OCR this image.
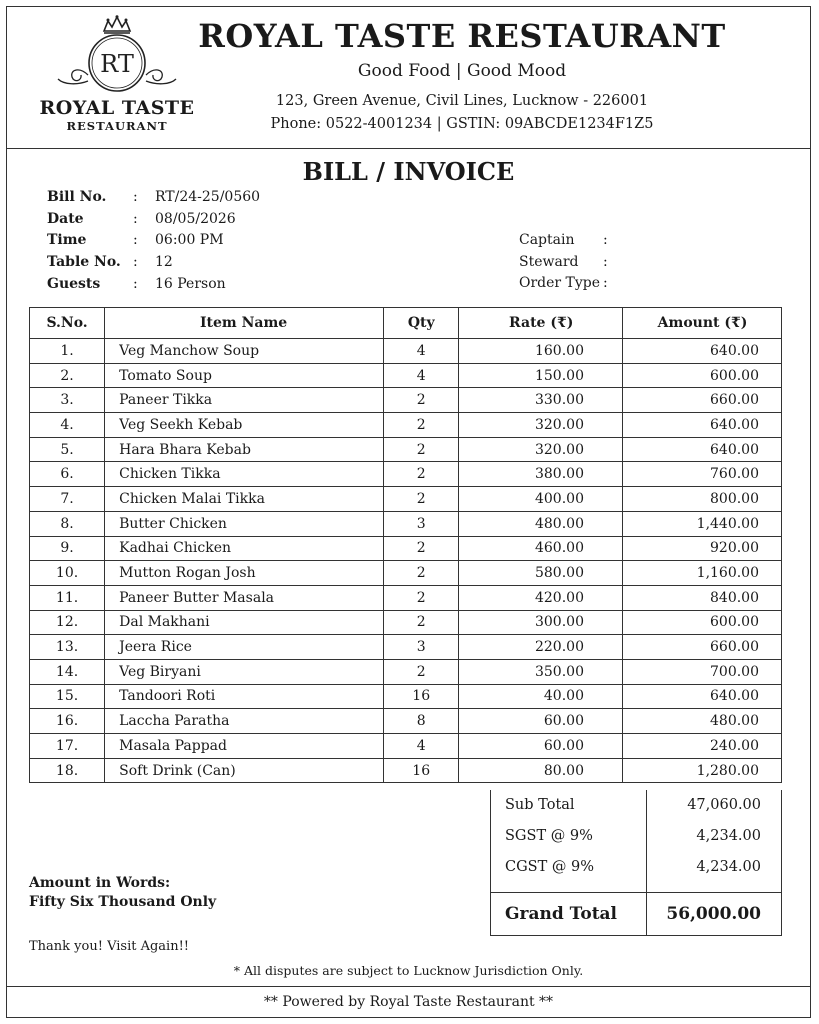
RT
ROYAL TASTE
RESTAURANT
ROYAL TASTE RESTAURANT
Good Food | Good Mood
123, Green Avenue, Civil Lines, Lucknow - 226001
Phone: 0522-4001234 | GSTIN: 09ABCDE1234F1Z5
BILL / INVOICE
Bill No.	:	RT/24-25/0560
Date	:	08/05/2026
Time	:	06:00 PM
Table No. :	12
Guests	:	16 Person
Captain	:
Steward	:
Order Type :
S.No.	Item Name	Qty	Rate (₹)	Amount (₹)
1.	Veg Manchow Soup	4	160.00	640.00
2.	Tomato Soup	4	150.00	600.00
3.	Paneer Tikka	2	330.00	660.00
4.	Veg Seekh Kebab	2	320.00	640.00
5.	Hara Bhara Kebab	2	320.00	640.00
6.	Chicken Tikka	2	380.00	760.00
7.	Chicken Malai Tikka	2	400.00	800.00
8.	Butter Chicken	3	480.00	1,440.00
9.	Kadhai Chicken	2	460.00	920.00
10.	Mutton Rogan Josh	2	580.00	1,160.00
11.	Paneer Butter Masala	2	420.00	840.00
12.	Dal Makhani	2	300.00	600.00
13.	Jeera Rice	3	220.00	660.00
14.	Veg Biryani	2	350.00	700.00
15.	Tandoori Roti	16	40.00	640.00
16.	Laccha Paratha	8	60.00	480.00
17.	Masala Pappad	4	60.00	240.00
18.	Soft Drink (Can)	16	80.00	1,280.00
Sub Total	47,060.00
SGST @ 9%	4,234.00
CGST @ 9%	4,234.00

Grand Total	56,000.00
Amount in Words:
Fifty Six Thousand Only
Thank you! Visit Again!!
* All disputes are subject to Lucknow Jurisdiction Only.
** Powered by Royal Taste Restaurant **
